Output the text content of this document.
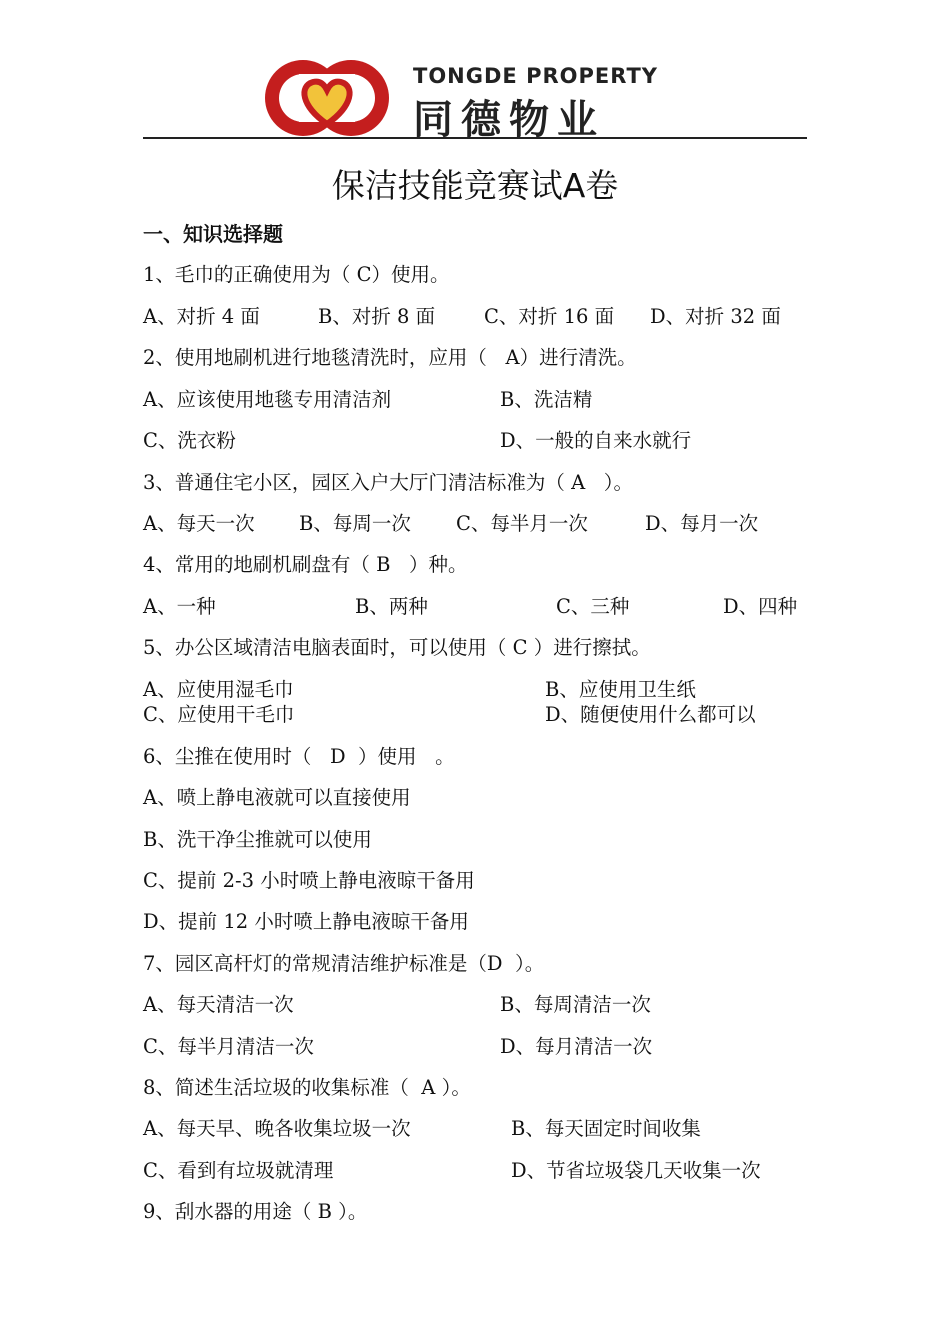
TONGDE PROPERTY
同德物业
保洁技能竞赛试A卷
一、知识选择题
1、毛巾的正确使用为（ C）使用。
A、对折 4 面	B、对折 8 面	C、对折 16 面 D、对折 32 面
2、使用地刷机进行地毯清洗时，应用（   A）进行清洗。
A、应该使用地毯专用清洁剂	B、洗洁精
C、洗衣粉	D、一般的自来水就行
3、普通住宅小区，园区入户大厅门清洁标准为（ A   ）。
A、每天一次 B、每周一次 C、每半月一次	D、每月一次
4、常用的地刷机刷盘有（ B   ）种。
A、一种	B、两种	C、三种	D、四种
5、办公区域清洁电脑表面时，可以使用（ C ）进行擦拭。
A、应使用湿毛巾	B、应使用卫生纸
C、应使用干毛巾	D、随便使用什么都可以
6、尘推在使用时（   D  ）使用   。
A、喷上静电液就可以直接使用
B、洗干净尘推就可以使用
C、提前 2-3 小时喷上静电液晾干备用
D、提前 12 小时喷上静电液晾干备用
7、园区高杆灯的常规清洁维护标准是（D  ）。
A、每天清洁一次	B、每周清洁一次
C、每半月清洁一次	D、每月清洁一次
8、简述生活垃圾的收集标准（  A ）。
A、每天早、晚各收集垃圾一次	B、每天固定时间收集
C、看到有垃圾就清理	D、节省垃圾袋几天收集一次
9、刮水器的用途（ B ）。
